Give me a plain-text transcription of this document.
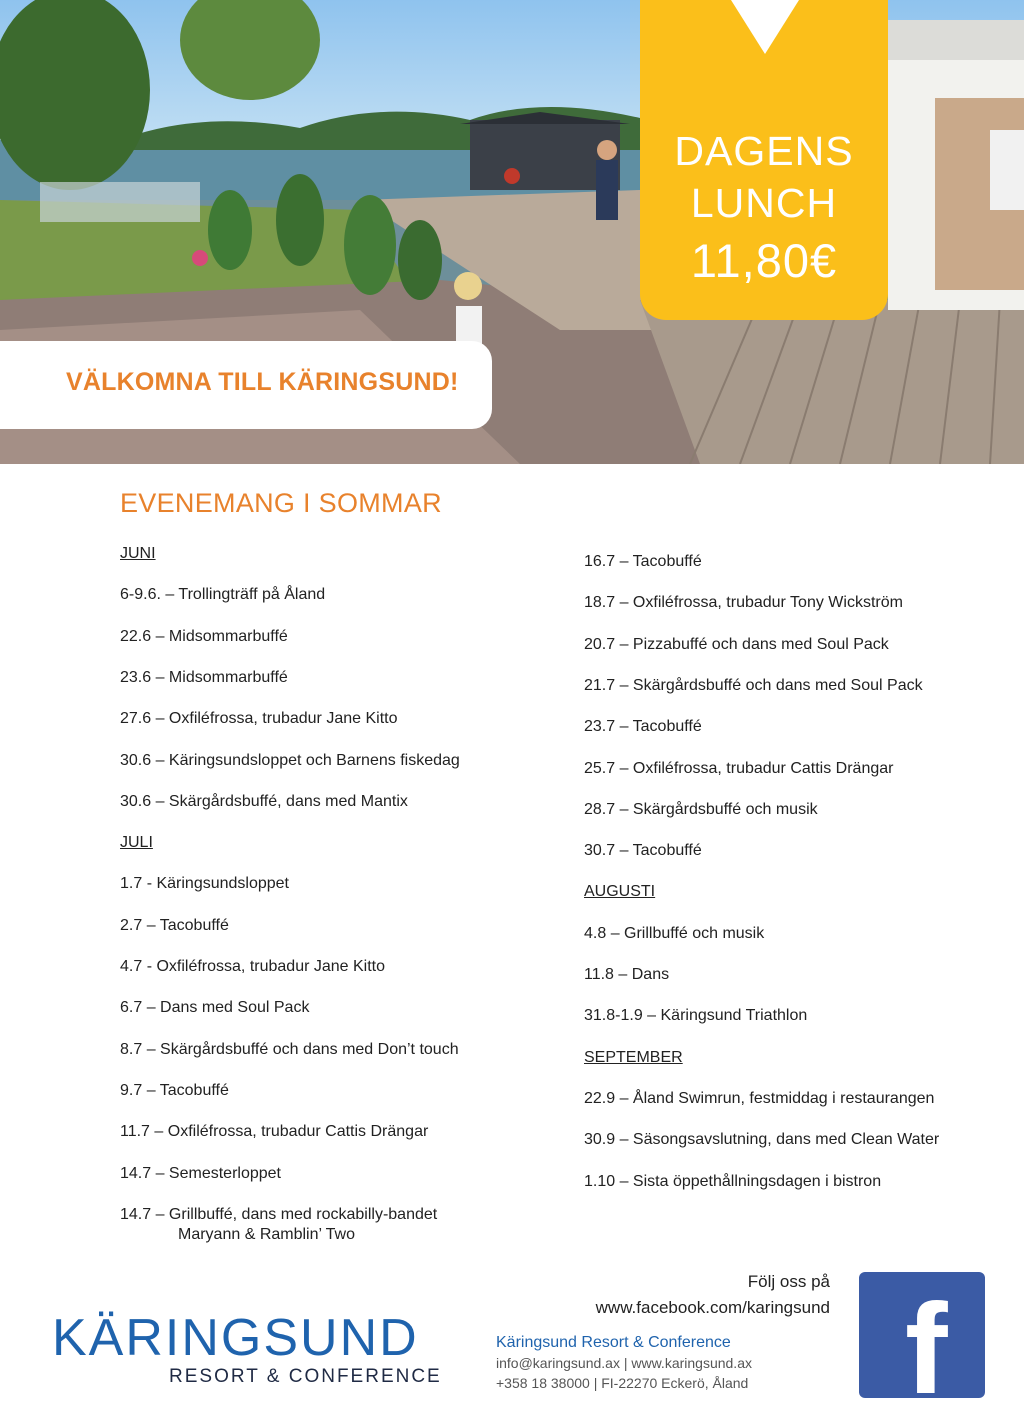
DAGENS
LUNCH
11,80€
VÄLKOMNA TILL KÄRINGSUND!
EVENEMANG I SOMMAR
JUNI
6-9.6. – Trollingträff på Åland
22.6 – Midsommarbuffé
23.6 – Midsommarbuffé
27.6 – Oxfiléfrossa, trubadur Jane Kitto
30.6 – Käringsundsloppet och Barnens fiskedag
30.6 – Skärgårdsbuffé, dans med Mantix
JULI
1.7 - Käringsundsloppet
2.7 – Tacobuffé
4.7 - Oxfiléfrossa, trubadur Jane Kitto
6.7 – Dans med Soul Pack
8.7 – Skärgårdsbuffé och dans med Don’t touch
9.7 – Tacobuffé
11.7 – Oxfiléfrossa, trubadur Cattis Drängar
14.7 – Semesterloppet
14.7 – Grillbuffé, dans med rockabilly-bandet
Maryann & Ramblin’ Two
16.7 – Tacobuffé
18.7 – Oxfiléfrossa, trubadur Tony Wickström
20.7 – Pizzabuffé och dans med Soul Pack
21.7 – Skärgårdsbuffé och dans med Soul Pack
23.7 – Tacobuffé
25.7 – Oxfiléfrossa, trubadur Cattis Drängar
28.7 – Skärgårdsbuffé och musik
30.7 – Tacobuffé
AUGUSTI
4.8 – Grillbuffé och musik
11.8 – Dans
31.8-1.9 – Käringsund Triathlon
SEPTEMBER
22.9 – Åland Swimrun, festmiddag i restaurangen
30.9 – Säsongsavslutning, dans med Clean Water
1.10 – Sista öppethållningsdagen i bistron
Följ oss på
www.facebook.com/karingsund
KÄRINGSUND
RESORT & CONFERENCE
Käringsund Resort & Conference
info@karingsund.ax | www.karingsund.ax
+358 18 38000 | FI-22270 Eckerö, Åland f
